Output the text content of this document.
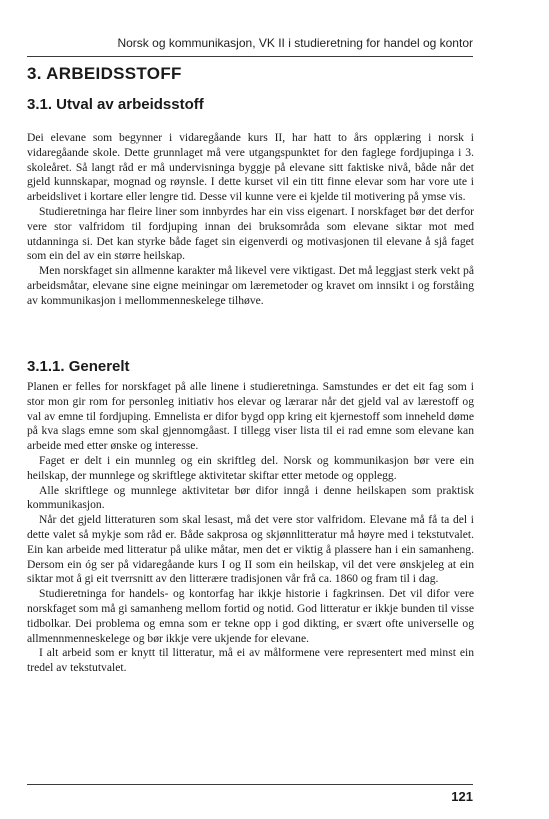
Norsk og kommunikasjon, VK II i studieretning for handel og kontor
3. ARBEIDSSTOFF
3.1. Utval av arbeidsstoff

Dei elevane som begynner i vidaregåande kurs II, har hatt to års opplæring i norsk i vidaregåande skole. Dette grunnlaget må vere utgangspunktet for den faglege fordjupinga i 3. skoleåret. Så langt råd er må undervisninga byggje på elevane sitt faktiske nivå, både når det gjeld kunnskapar, mognad og røynsle. I dette kurset vil ein titt finne elevar som har vore ute i arbeidslivet i kortare eller lengre tid. Desse vil kunne vere ei kjelde til motivering på ymse vis.

Studieretninga har fleire liner som innbyrdes har ein viss eigenart. I norskfaget bør det derfor vere stor valfridom til fordjuping innan dei bruksområda som elevane siktar mot med utdanninga si. Det kan styrke både faget sin eigenverdi og motivasjonen til elevane å sjå faget som ein del av ein større heilskap.

Men norskfaget sin allmenne karakter må likevel vere viktigast. Det må leggjast sterk vekt på arbeidsmåtar, elevane sine eigne meiningar om læremetoder og kravet om innsikt i og forståing av kommunikasjon i mellommenneskelege tilhøve.

3.1.1. Generelt

Planen er felles for norskfaget på alle linene i studieretninga. Samstundes er det eit fag som i stor mon gir rom for personleg initiativ hos elevar og lærarar når det gjeld val av lærestoff og val av emne til fordjuping. Emnelista er difor bygd opp kring eit kjernestoff som inneheld døme på kva slags emne som skal gjennomgåast. I tillegg viser lista til ei rad emne som elevane kan arbeide med etter ønske og interesse.

Faget er delt i ein munnleg og ein skriftleg del. Norsk og kommunikasjon bør vere ein heilskap, der munnlege og skriftlege aktivitetar skiftar etter metode og opplegg.

Alle skriftlege og munnlege aktivitetar bør difor inngå i denne heilskapen som praktisk kommunikasjon.

Når det gjeld litteraturen som skal lesast, må det vere stor valfridom. Elevane må få ta del i dette valet så mykje som råd er. Både sakprosa og skjønnlitteratur må høyre med i tekstutvalet. Ein kan arbeide med litteratur på ulike måtar, men det er viktig å plassere han i ein samanheng. Dersom ein óg ser på vidaregåande kurs I og II som ein heilskap, vil det vere ønskjeleg at ein siktar mot å gi eit tverrsnitt av den litterære tradisjonen vår frå ca. 1860 og fram til i dag.

Studieretninga for handels- og kontorfag har ikkje historie i fagkrinsen. Det vil difor vere norskfaget som må gi samanheng mellom fortid og notid. God litteratur er ikkje bunden til visse tidbolkar. Dei problema og emna som er tekne opp i god dikting, er svært ofte universelle og allmennmenneskelege og bør ikkje vere ukjende for elevane.

I alt arbeid som er knytt til litteratur, må ei av målformene vere representert med minst ein tredel av tekstutvalet.

121
